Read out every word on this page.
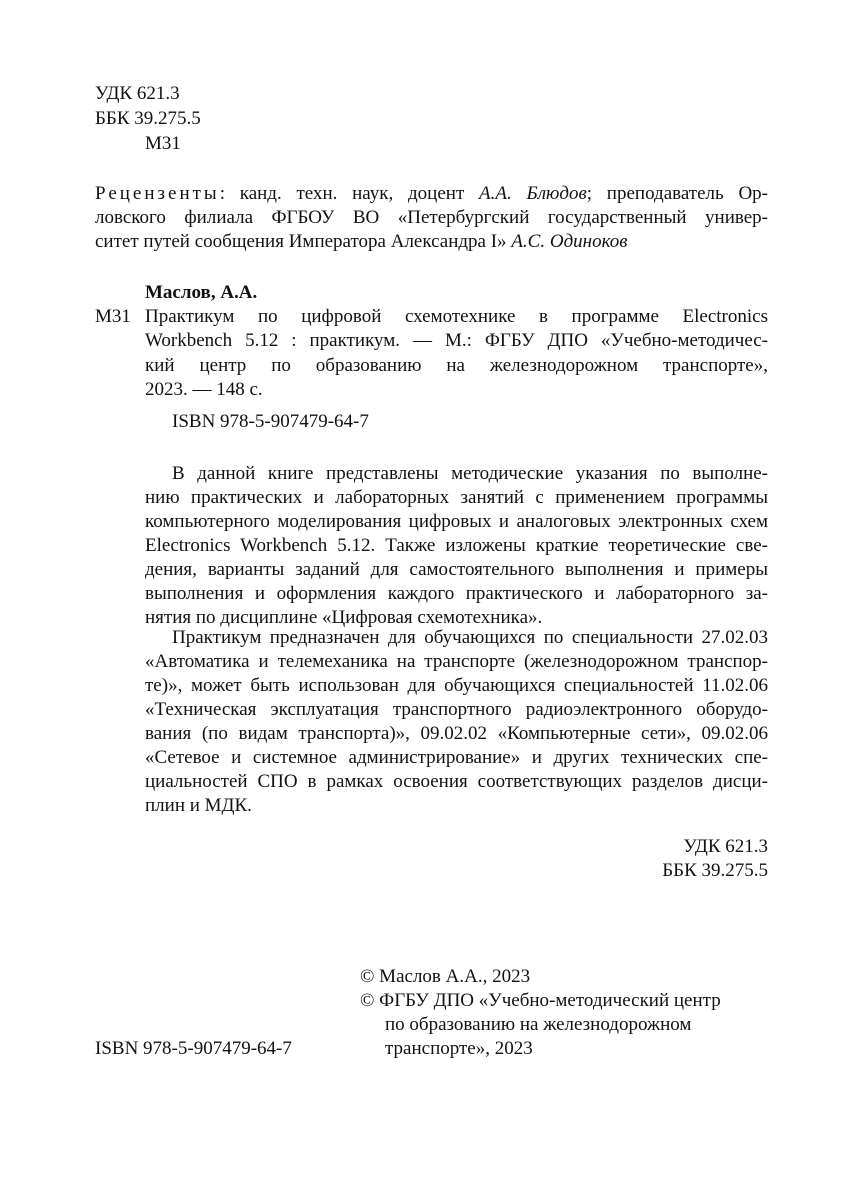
УДК 621.3
ББК 39.275.5
М31
Рецензенты: канд. техн. наук, доцент А.А. Блюдов; преподаватель Ор-
ловского филиала ФГБОУ ВО «Петербургский государственный универ-
ситет путей сообщения Императора Александра I» А.С. Одиноков
Маслов, А.А.
М31 Практикум по цифровой схемотехнике в программе Electronics
Workbench 5.12 : практикум. — М.: ФГБУ ДПО «Учебно-методичес-
кий центр по образованию на железнодорожном транспорте»,
2023. — 148 с.
ISBN 978-5-907479-64-7
В данной книге представлены методические указания по выполне-
нию практических и лабораторных занятий с применением программы
компьютерного моделирования цифровых и аналоговых электронных схем
Electronics Workbench 5.12. Также изложены краткие теоретические све-
дения, варианты заданий для самостоятельного выполнения и примеры
выполнения и оформления каждого практического и лабораторного за-
нятия по дисциплине «Цифровая схемотехника».
Практикум предназначен для обучающихся по специальности 27.02.03
«Автоматика и телемеханика на транспорте (железнодорожном транспор-
те)», может быть использован для обучающихся специальностей 11.02.06
«Техническая эксплуатация транспортного радиоэлектронного оборудо-
вания (по видам транспорта)», 09.02.02 «Компьютерные сети», 09.02.06
«Сетевое и системное администрирование» и других технических спе-
циальностей СПО в рамках освоения соответствующих разделов дисци-
плин и МДК.
УДК 621.3
ББК 39.275.5
© Маслов А.А., 2023
© ФГБУ ДПО «Учебно-методический центр
по образованию на железнодорожном
транспорте», 2023
ISBN 978-5-907479-64-7
